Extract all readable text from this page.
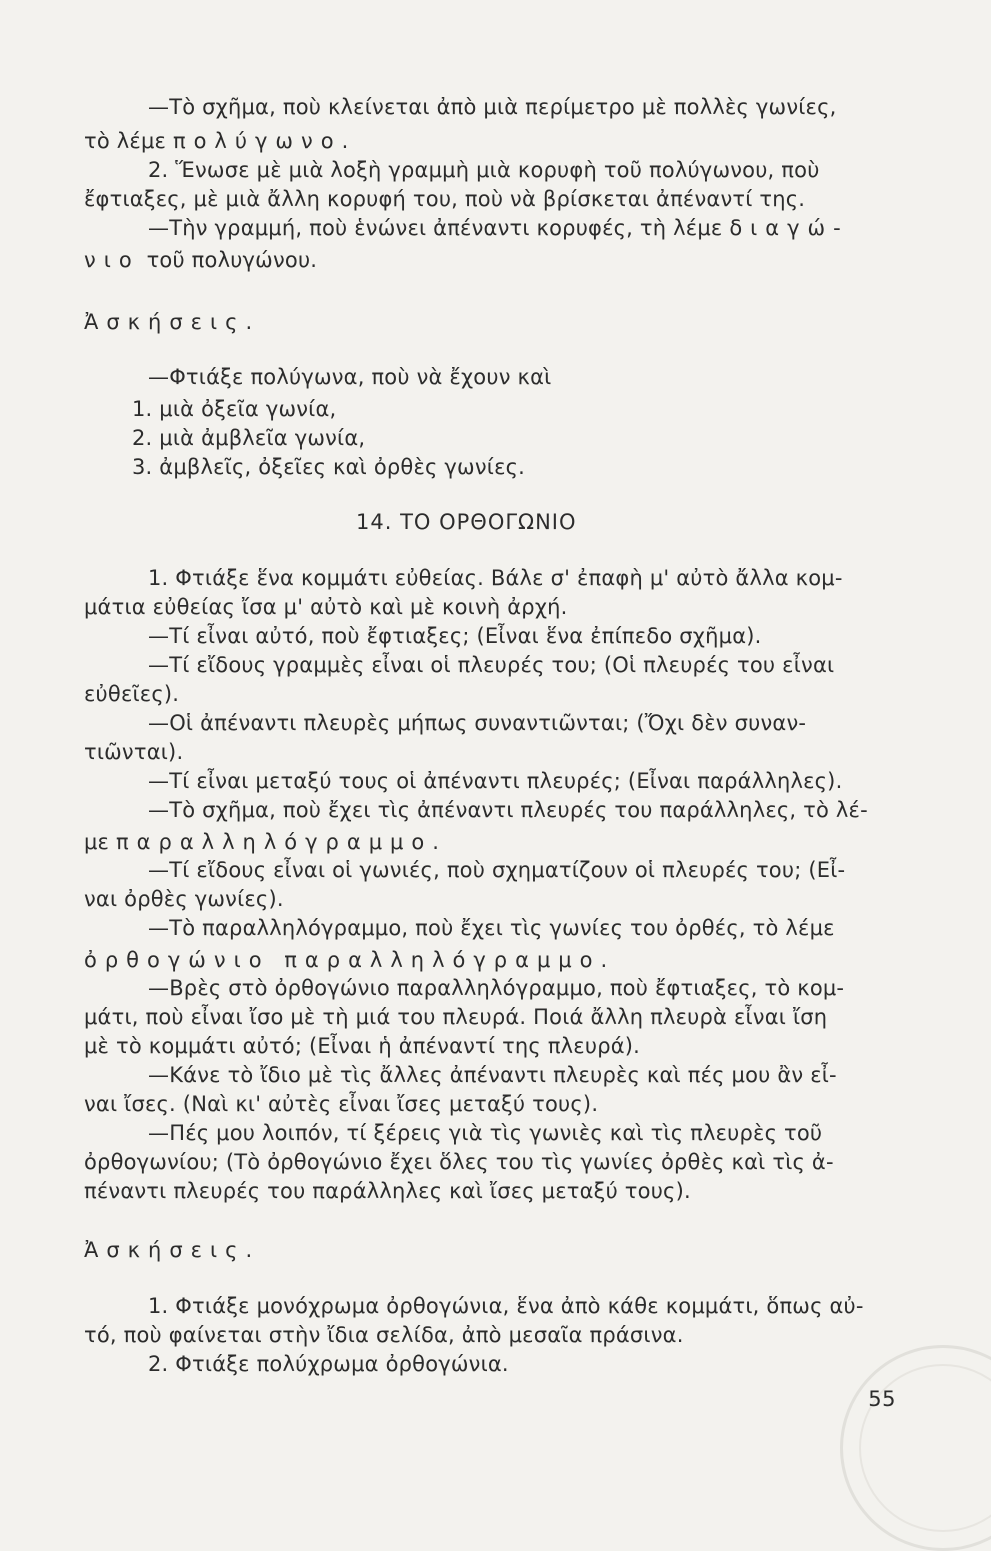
—Τὸ σχῆμα, ποὺ κλείνεται ἀπὸ μιὰ περίμετρο μὲ πολλὲς γωνίες,
τὸ λέμε πολύγωνο.
2. Ἕνωσε μὲ μιὰ λοξὴ γραμμὴ μιὰ κορυφὴ τοῦ πολύγωνου, ποὺ
ἔφτιαξες, μὲ μιὰ ἄλλη κορυφή του, ποὺ νὰ βρίσκεται ἀπέναντί της.
—Τὴν γραμμή, ποὺ ἑνώνει ἀπέναντι κορυφές, τὴ λέμε διαγώ-
νιο τοῦ πολυγώνου.
Ἀσκήσεις.
—Φτιάξε πολύγωνα, ποὺ νὰ ἔχουν καὶ
1. μιὰ ὀξεῖα γωνία,
2. μιὰ ἀμβλεῖα γωνία,
3. ἀμβλεῖς, ὀξεῖες καὶ ὀρθὲς γωνίες.
14. ΤΟ ΟΡΘΟΓΩΝΙΟ
1. Φτιάξε ἕνα κομμάτι εὐθείας. Βάλε σ' ἐπαφὴ μ' αὐτὸ ἄλλα κομ-
μάτια εὐθείας ἴσα μ' αὐτὸ καὶ μὲ κοινὴ ἀρχή.
—Τί εἶναι αὐτό, ποὺ ἔφτιαξες; (Εἶναι ἕνα ἐπίπεδο σχῆμα).
—Τί εἴδους γραμμὲς εἶναι οἱ πλευρές του; (Οἱ πλευρές του εἶναι
εὐθεῖες).
—Οἱ ἀπέναντι πλευρὲς μήπως συναντιῶνται; (Ὄχι δὲν συναν-
τιῶνται).
—Τί εἶναι μεταξύ τους οἱ ἀπέναντι πλευρές; (Εἶναι παράλληλες).
—Τὸ σχῆμα, ποὺ ἔχει τὶς ἀπέναντι πλευρές του παράλληλες, τὸ λέ-
με παραλληλόγραμμο.
—Τί εἴδους εἶναι οἱ γωνιές, ποὺ σχηματίζουν οἱ πλευρές του; (Εἶ-
ναι ὀρθὲς γωνίες).
—Τὸ παραλληλόγραμμο, ποὺ ἔχει τὶς γωνίες του ὀρθές, τὸ λέμε
ὀρθογώνιο παραλληλόγραμμο.
—Βρὲς στὸ ὀρθογώνιο παραλληλόγραμμο, ποὺ ἔφτιαξες, τὸ κομ-
μάτι, ποὺ εἶναι ἴσο μὲ τὴ μιά του πλευρά. Ποιά ἄλλη πλευρὰ εἶναι ἴση
μὲ τὸ κομμάτι αὐτό; (Εἶναι ἡ ἀπέναντί της πλευρά).
—Κάνε τὸ ἴδιο μὲ τὶς ἄλλες ἀπέναντι πλευρὲς καὶ πές μου ἂν εἶ-
ναι ἴσες. (Ναὶ κι' αὐτὲς εἶναι ἴσες μεταξύ τους).
—Πές μου λοιπόν, τί ξέρεις γιὰ τὶς γωνιὲς καὶ τὶς πλευρὲς τοῦ
ὀρθογωνίου; (Τὸ ὀρθογώνιο ἔχει ὅλες του τὶς γωνίες ὀρθὲς καὶ τὶς ἀ-
πέναντι πλευρές του παράλληλες καὶ ἴσες μεταξύ τους).
Ἀσκήσεις.
1. Φτιάξε μονόχρωμα ὀρθογώνια, ἕνα ἀπὸ κάθε κομμάτι, ὅπως αὐ-
τό, ποὺ φαίνεται στὴν ἴδια σελίδα, ἀπὸ μεσαῖα πράσινα.
2. Φτιάξε πολύχρωμα ὀρθογώνια.
55
